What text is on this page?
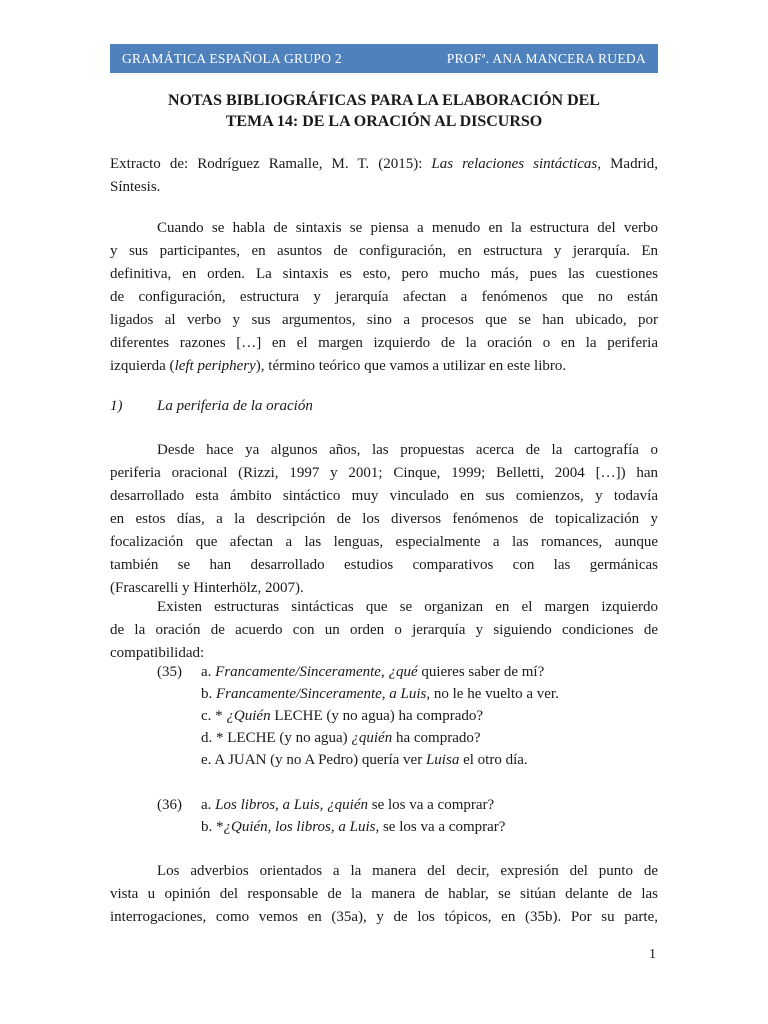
GRAMÁTICA ESPAÑOLA GRUPO 2	PROFª. ANA MANCERA RUEDA
NOTAS BIBLIOGRÁFICAS PARA LA ELABORACIÓN DEL
TEMA 14: DE LA ORACIÓN AL DISCURSO
Extracto de: Rodríguez Ramalle, M. T. (2015): Las relaciones sintácticas, Madrid,
Síntesis.
Cuando se habla de sintaxis se piensa a menudo en la estructura del verbo
y sus participantes, en asuntos de configuración, en estructura y jerarquía. En
definitiva, en orden. La sintaxis es esto, pero mucho más, pues las cuestiones
de configuración, estructura y jerarquía afectan a fenómenos que no están
ligados al verbo y sus argumentos, sino a procesos que se han ubicado, por
diferentes razones […] en el margen izquierdo de la oración o en la periferia
izquierda (left periphery), término teórico que vamos a utilizar en este libro.
1) La periferia de la oración
Desde hace ya algunos años, las propuestas acerca de la cartografía o
periferia oracional (Rizzi, 1997 y 2001; Cinque, 1999; Belletti, 2004 […]) han
desarrollado esta ámbito sintáctico muy vinculado en sus comienzos, y todavía
en estos días, a la descripción de los diversos fenómenos de topicalización y
focalización que afectan a las lenguas, especialmente a las romances, aunque
también se han desarrollado estudios comparativos con las germánicas
(Frascarelli y Hinterhölz, 2007).
Existen estructuras sintácticas que se organizan en el margen izquierdo
de la oración de acuerdo con un orden o jerarquía y siguiendo condiciones de
compatibilidad:
(35) a. Francamente/Sinceramente, ¿qué quieres saber de mí?
b. Francamente/Sinceramente, a Luis, no le he vuelto a ver.
c. * ¿Quién LECHE (y no agua) ha comprado?
d. * LECHE (y no agua) ¿quién ha comprado?
e. A JUAN (y no A Pedro) quería ver Luisa el otro día.
(36) a. Los libros, a Luis, ¿quién se los va a comprar?
b. *¿Quién, los libros, a Luis, se los va a comprar?
Los adverbios orientados a la manera del decir, expresión del punto de
vista u opinión del responsable de la manera de hablar, se sitúan delante de las
interrogaciones, como vemos en (35a), y de los tópicos, en (35b). Por su parte,
1
